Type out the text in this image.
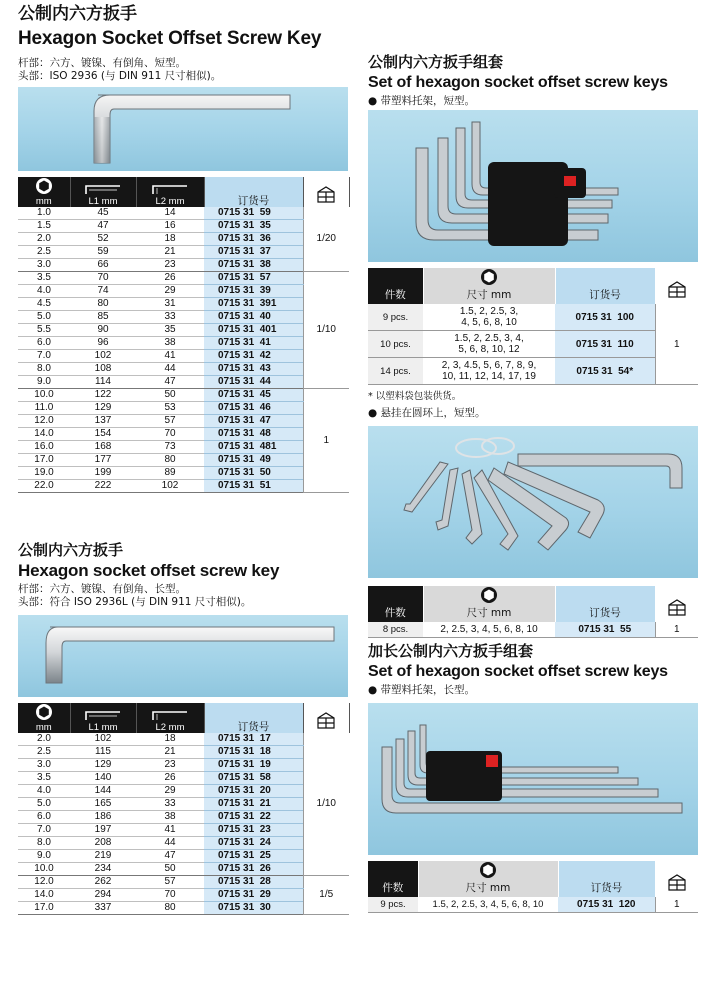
公制内六方扳手
Hexagon Socket Offset Screw Key
杆部：六方、镀镍、有倒角、短型。
头部：ISO 2936 (与 DIN 911 尺寸相似)。
mm	L1 mm	L2 mm	订货号	
1.0	45	14	0715 31  59	1/20
1.5	47	16	0715 31  35	
2.0	52	18	0715 31  36	
2.5	59	21	0715 31  37	
3.0	66	23	0715 31  38	
3.5	70	26	0715 31  57	1/10
4.0	74	29	0715 31  39	
4.5	80	31	0715 31  391	
5.0	85	33	0715 31  40	
5.5	90	35	0715 31  401	
6.0	96	38	0715 31  41	
7.0	102	41	0715 31  42	
8.0	108	44	0715 31  43	
9.0	114	47	0715 31  44	
10.0	122	50	0715 31  45	1
11.0	129	53	0715 31  46	
12.0	137	57	0715 31  47	
14.0	154	70	0715 31  48	
16.0	168	73	0715 31  481	
17.0	177	80	0715 31  49	
19.0	199	89	0715 31  50	
22.0	222	102	0715 31  51	
公制内六方扳手
Hexagon socket offset screw key
杆部：六方、镀镍、有倒角、长型。
头部：符合 ISO 2936L (与 DIN 911 尺寸相似)。
mm	L1 mm	L2 mm	订货号	
2.0	102	18	0715 31  17	1/10
2.5	115	21	0715 31  18	
3.0	129	23	0715 31  19	
3.5	140	26	0715 31  58	
4.0	144	29	0715 31  20	
5.0	165	33	0715 31  21	
6.0	186	38	0715 31  22	
7.0	197	41	0715 31  23	
8.0	208	44	0715 31  24	
9.0	219	47	0715 31  25	
10.0	234	50	0715 31  26	
12.0	262	57	0715 31  28	1/5
14.0	294	70	0715 31  29	
17.0	337	80	0715 31  30	
公制内六方扳手组套
Set of hexagon socket offset screw keys
● 带塑料托架，短型。
件数	尺寸 mm	订货号	
9 pcs.	1.5, 2, 2.5, 3,
4, 5, 6, 8, 10	0715 31  100	1
10 pcs.	1.5, 2, 2.5, 3, 4,
5, 6, 8, 10, 12	0715 31  110	
14 pcs.	2, 3, 4.5, 5, 6, 7, 8, 9,
10, 11, 12, 14, 17, 19	0715 31  54*	
* 以塑料袋包装供货。
● 悬挂在圆环上，短型。
件数	尺寸 mm	订货号	
8 pcs.	2, 2.5, 3, 4, 5, 6, 8, 10	0715 31  55	1
加长公制内六方扳手组套
Set of hexagon socket offset screw keys
● 带塑料托架，长型。
件数	尺寸 mm	订货号	
9 pcs.	1.5, 2, 2.5, 3, 4, 5, 6, 8, 10	0715 31  120	1
